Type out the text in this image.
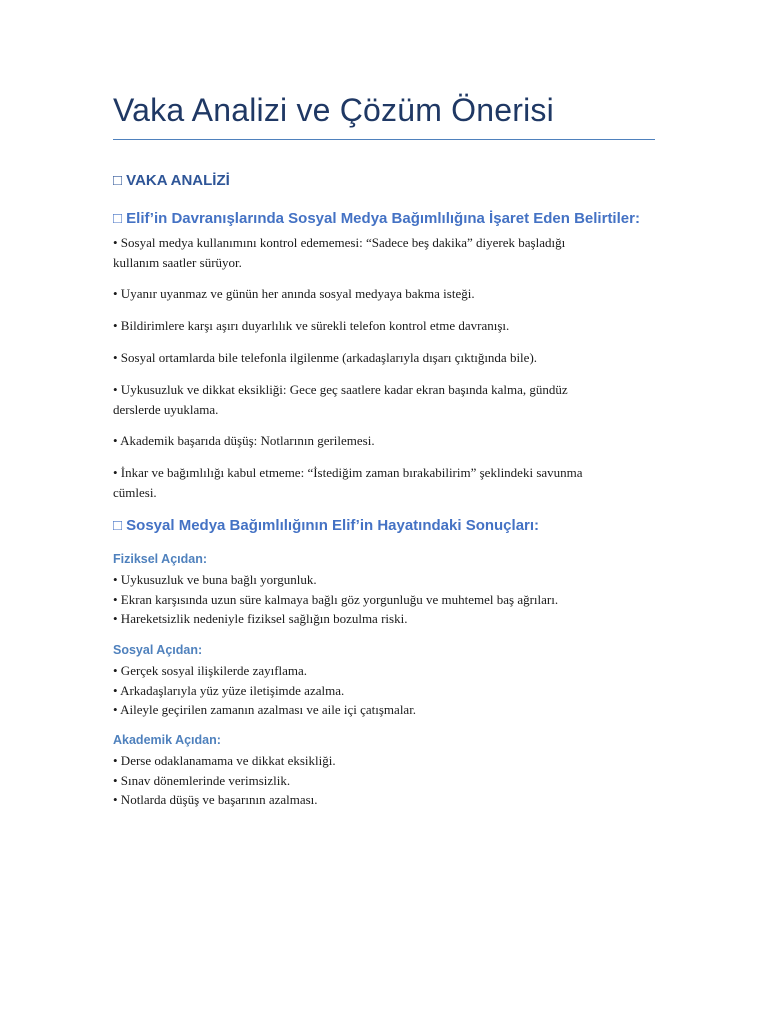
Vaka Analizi ve Çözüm Önerisi
□ VAKA ANALİZİ
□ Elif’in Davranışlarında Sosyal Medya Bağımlılığına İşaret Eden Belirtiler:
• Sosyal medya kullanımını kontrol edememesi: “Sadece beş dakika” diyerek başladığı
kullanım saatler sürüyor.
• Uyanır uyanmaz ve günün her anında sosyal medyaya bakma isteği.
• Bildirimlere karşı aşırı duyarlılık ve sürekli telefon kontrol etme davranışı.
• Sosyal ortamlarda bile telefonla ilgilenme (arkadaşlarıyla dışarı çıktığında bile).
• Uykusuzluk ve dikkat eksikliği: Gece geç saatlere kadar ekran başında kalma, gündüz
derslerde uyuklama.
• Akademik başarıda düşüş: Notlarının gerilemesi.
• İnkar ve bağımlılığı kabul etmeme: “İstediğim zaman bırakabilirim” şeklindeki savunma
cümlesi.
□ Sosyal Medya Bağımlılığının Elif’in Hayatındaki Sonuçları:
Fiziksel Açıdan:
• Uykusuzluk ve buna bağlı yorgunluk.
• Ekran karşısında uzun süre kalmaya bağlı göz yorgunluğu ve muhtemel baş ağrıları.
• Hareketsizlik nedeniyle fiziksel sağlığın bozulma riski.
Sosyal Açıdan:
• Gerçek sosyal ilişkilerde zayıflama.
• Arkadaşlarıyla yüz yüze iletişimde azalma.
• Aileyle geçirilen zamanın azalması ve aile içi çatışmalar.
Akademik Açıdan:
• Derse odaklanamama ve dikkat eksikliği.
• Sınav dönemlerinde verimsizlik.
• Notlarda düşüş ve başarının azalması.
